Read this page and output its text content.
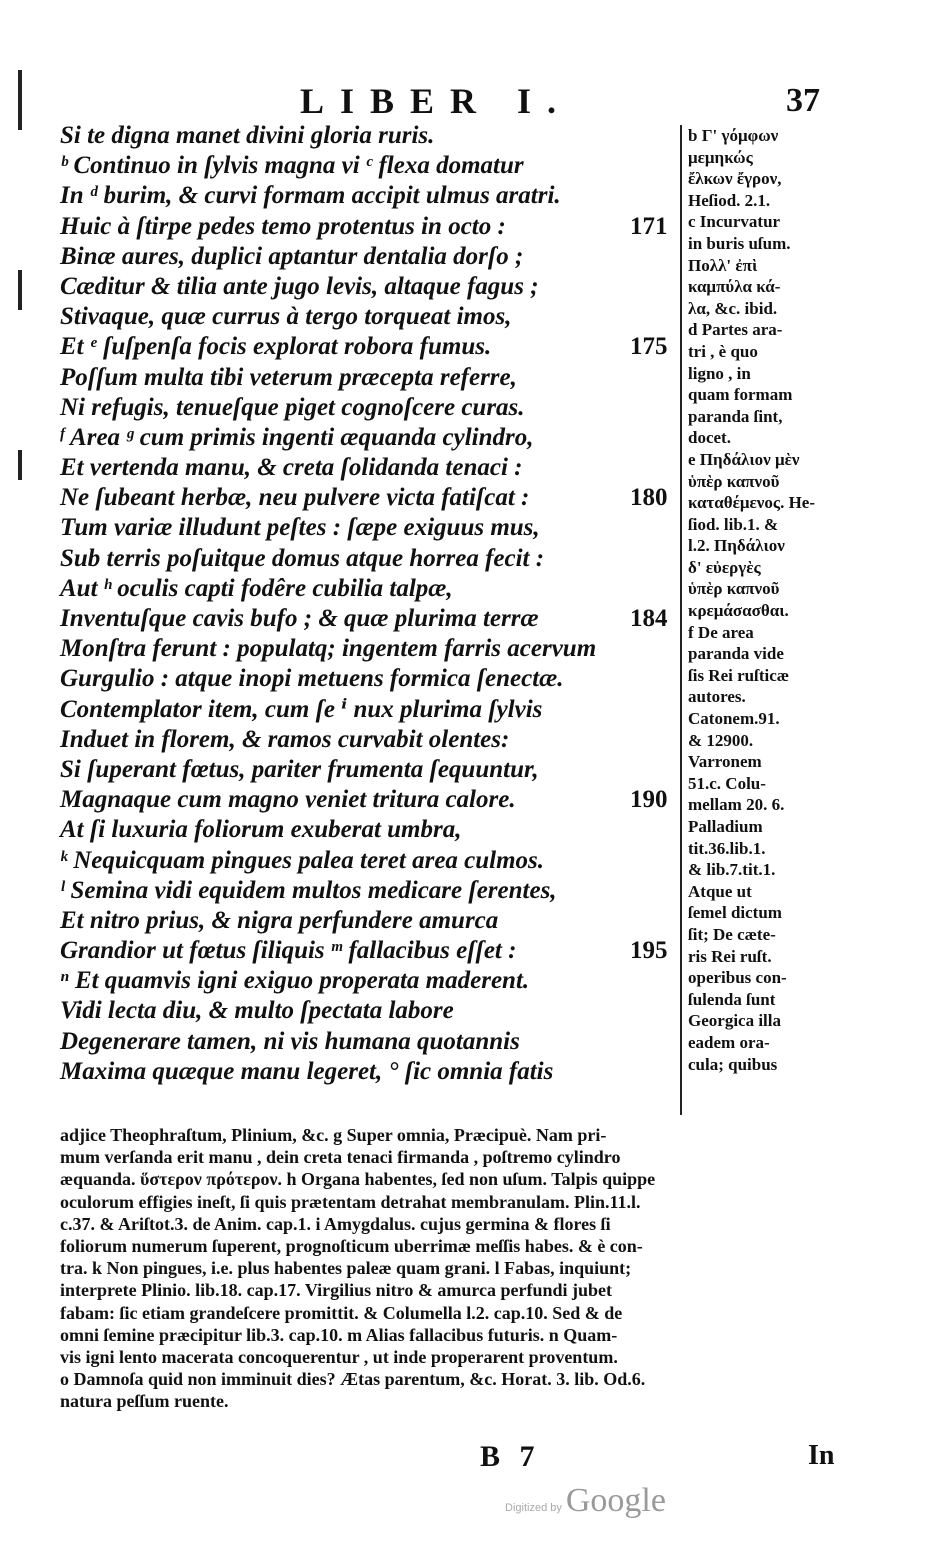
LIBER I.	37
Si te digna manet divini gloria ruris.
ᵇ Continuo in ſylvis magna vi ᶜ flexa domatur
In ᵈ burim, & curvi formam accipit ulmus aratri.
Huic à ſtirpe pedes temo protentus in octo :	171
Binæ aures, duplici aptantur dentalia dorſo ;
Cæditur & tilia ante jugo levis, altaque fagus ;
Stivaque, quæ currus à tergo torqueat imos,
Et ᵉ ſuſpenſa focis explorat robora fumus.	175
Poſſum multa tibi veterum præcepta referre,
Ni refugis, tenueſque piget cognoſcere curas.
ᶠ Area ᵍ cum primis ingenti æquanda cylindro,
Et vertenda manu, & creta ſolidanda tenaci :
Ne ſubeant herbæ, neu pulvere victa fatiſcat :	180
Tum variæ illudunt peſtes : ſæpe exiguus mus,
Sub terris poſuitque domus atque horrea fecit :
Aut ʰ oculis capti fodêre cubilia talpæ,
Inventuſque cavis bufo ; & quæ plurima terræ	184
Monſtra ferunt : populatq; ingentem farris acervum
Gurgulio : atque inopi metuens formica ſenectæ.
Contemplator item, cum ſe ⁱ nux plurima ſylvis
Induet in florem, & ramos curvabit olentes:
Si ſuperant fœtus, pariter frumenta ſequuntur,
Magnaque cum magno veniet tritura calore.	190
At ſi luxuria foliorum exuberat umbra,
ᵏ Nequicquam pingues palea teret area culmos.
ˡ Semina vidi equidem multos medicare ſerentes,
Et nitro prius, & nigra perfundere amurca
Grandior ut fœtus ſiliquis ᵐ fallacibus eſſet :	195
ⁿ Et quamvis igni exiguo properata maderent.
Vidi lecta diu, & multo ſpectata labore
Degenerare tamen, ni vis humana quotannis
Maxima quæque manu legeret, ° ſic omnia fatis
b Γ' γόμφων
μεμηκώς
ἔλκων ἔγρον,
Heſiod. 2.1.
c Incurvatur
in buris uſum.
Πολλ' ἐπὶ
καμπύλα κά-
λα, &c. ibid.
d Partes ara-
tri , è quo
ligno , in
quam formam
paranda ſint,
docet.
e Πηδάλιον μὲν
ὑπὲρ καπνοῦ
καταθέμενος. He-
ſiod. lib.1. &
l.2. Πηδάλιον
δ' εὐεργὲς
ὑπὲρ καπνοῦ
κρεμάσασθαι.
f De area
paranda vide
ſis Rei ruſticæ
autores.
Catonem.91.
& 12900.
Varronem
51.c. Colu-
mellam 20. 6.
Palladium
tit.36.lib.1.
& lib.7.tit.1.
Atque ut
ſemel dictum
ſit; De cæte-
ris Rei ruſt.
operibus con-
ſulenda ſunt
Georgica illa
eadem ora-
cula; quibus
adjice Theophraſtum, Plinium, &c. g Super omnia, Præcipuè. Nam pri-
mum verſanda erit manu , dein creta tenaci firmanda , poſtremo cylindro
æquanda. ὕστερον πρότερον. h Organa habentes, ſed non uſum. Talpis quippe
oculorum effigies ineſt, ſi quis prætentam detrahat membranulam. Plin.11.l.
c.37. & Ariſtot.3. de Anim. cap.1. i Amygdalus. cujus germina & flores ſi
foliorum numerum ſuperent, prognoſticum uberrimæ meſſis habes. & è con-
tra. k Non pingues, i.e. plus habentes paleæ quam grani. l Fabas, inquiunt;
interprete Plinio. lib.18. cap.17. Virgilius nitro & amurca perfundi jubet
fabam: ſic etiam grandeſcere promittit. & Columella l.2. cap.10. Sed & de
omni ſemine præcipitur lib.3. cap.10. m Alias fallacibus futuris. n Quam-
vis igni lento macerata concoquerentur , ut inde properarent proventum.
o Damnoſa quid non imminuit dies? Ætas parentum, &c. Horat. 3. lib. Od.6.
natura peſſum ruente.
B 7	In
Digitized by Google
